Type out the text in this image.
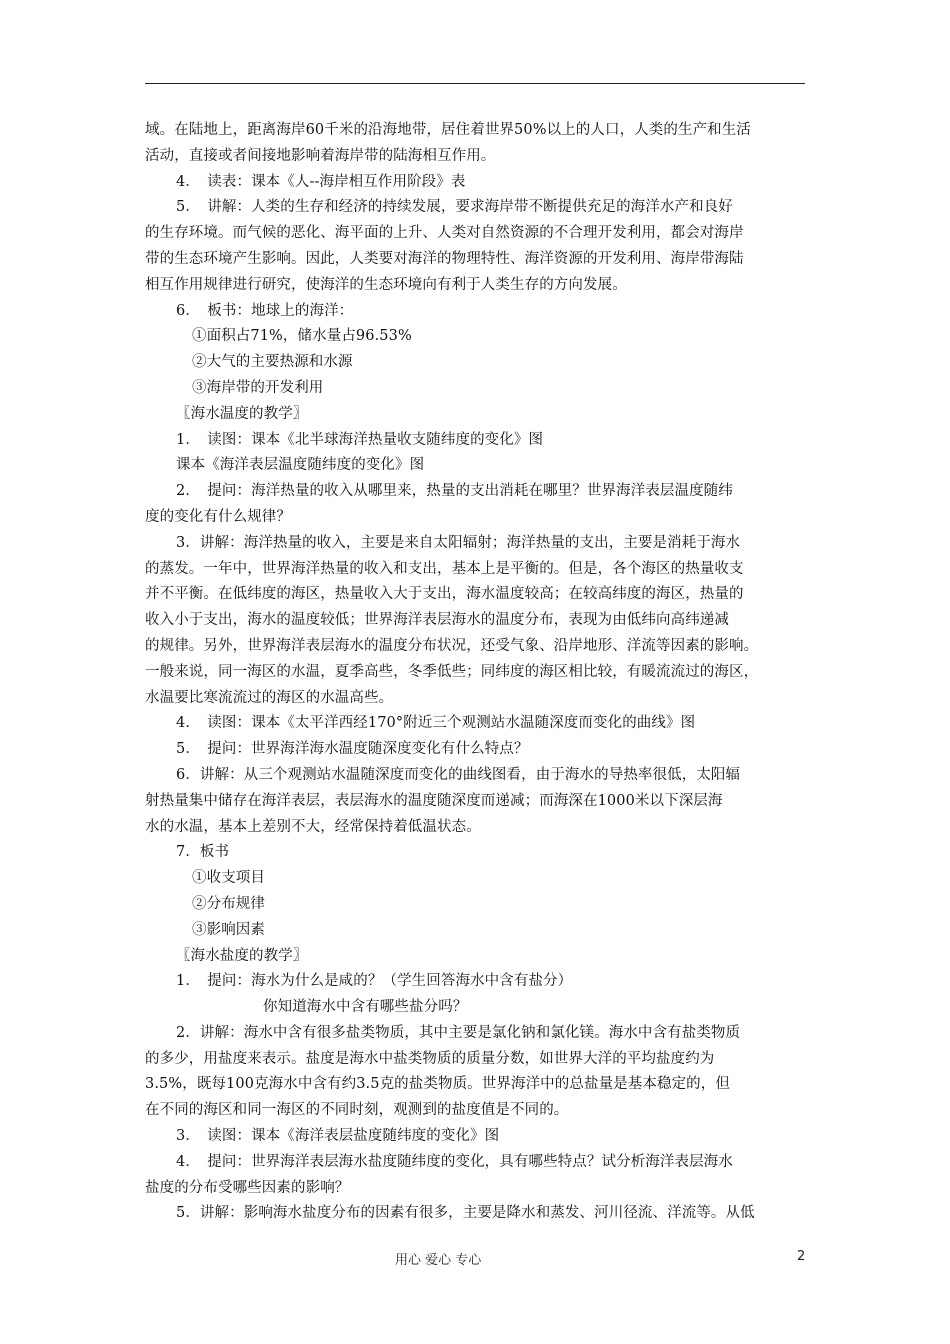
域。在陆地上，距离海岸60千米的沿海地带，居住着世界50%以上的人口，人类的生产和生活
活动，直接或者间接地影响着海岸带的陆海相互作用。
4．　读表：课本《人--海岸相互作用阶段》表
5．　讲解：人类的生存和经济的持续发展，要求海岸带不断提供充足的海洋水产和良好
的生存环境。而气候的恶化、海平面的上升、人类对自然资源的不合理开发利用，都会对海岸
带的生态环境产生影响。因此，人类要对海洋的物理特性、海洋资源的开发利用、海岸带海陆
相互作用规律进行研究，使海洋的生态环境向有利于人类生存的方向发展。
6．　板书：地球上的海洋：
①面积占71%，储水量占96.53%
②大气的主要热源和水源
③海岸带的开发利用
〖海水温度的教学〗
1．　读图：课本《北半球海洋热量收支随纬度的变化》图
课本《海洋表层温度随纬度的变化》图
2．　提问：海洋热量的收入从哪里来，热量的支出消耗在哪里？世界海洋表层温度随纬
度的变化有什么规律？
3．讲解：海洋热量的收入，主要是来自太阳辐射；海洋热量的支出，主要是消耗于海水
的蒸发。一年中，世界海洋热量的收入和支出，基本上是平衡的。但是，各个海区的热量收支
并不平衡。在低纬度的海区，热量收入大于支出，海水温度较高；在较高纬度的海区，热量的
收入小于支出，海水的温度较低；世界海洋表层海水的温度分布，表现为由低纬向高纬递减
的规律。另外，世界海洋表层海水的温度分布状况，还受气象、沿岸地形、洋流等因素的影响。
一般来说，同一海区的水温，夏季高些，冬季低些；同纬度的海区相比较，有暖流流过的海区，
水温要比寒流流过的海区的水温高些。
4．　读图：课本《太平洋西经170°附近三个观测站水温随深度而变化的曲线》图
5．　提问：世界海洋海水温度随深度变化有什么特点？
6．讲解：从三个观测站水温随深度而变化的曲线图看，由于海水的导热率很低，太阳辐
射热量集中储存在海洋表层，表层海水的温度随深度而递减；而海深在1000米以下深层海
水的水温，基本上差别不大，经常保持着低温状态。
7．板书
①收支项目
②分布规律
③影响因素
〖海水盐度的教学〗
1．　提问：海水为什么是咸的？（学生回答海水中含有盐分）
你知道海水中含有哪些盐分吗？
2．讲解：海水中含有很多盐类物质，其中主要是氯化钠和氯化镁。海水中含有盐类物质
的多少，用盐度来表示。盐度是海水中盐类物质的质量分数，如世界大洋的平均盐度约为
3.5%，既每100克海水中含有约3.5克的盐类物质。世界海洋中的总盐量是基本稳定的，但
在不同的海区和同一海区的不同时刻，观测到的盐度值是不同的。
3．　读图：课本《海洋表层盐度随纬度的变化》图
4．　提问：世界海洋表层海水盐度随纬度的变化，具有哪些特点？试分析海洋表层海水
盐度的分布受哪些因素的影响？
5．讲解：影响海水盐度分布的因素有很多，主要是降水和蒸发、河川径流、洋流等。从低
用心 爱心 专心	2
